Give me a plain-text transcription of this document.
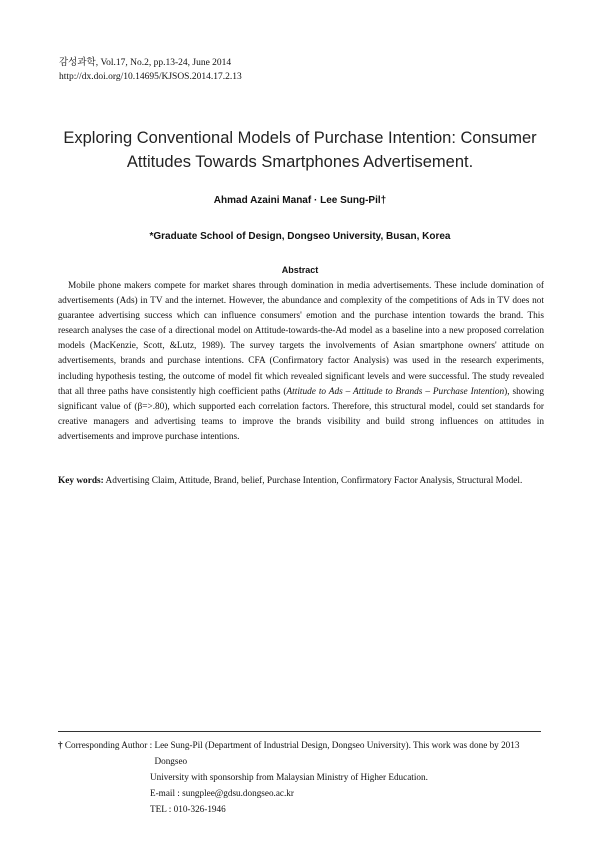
감성과학, Vol.17, No.2, pp.13-24, June 2014
http://dx.doi.org/10.14695/KJSOS.2014.17.2.13
Exploring Conventional Models of Purchase Intention: Consumer
Attitudes Towards Smartphones Advertisement.
Ahmad Azaini Manaf · Lee Sung-Pil†
*Graduate School of Design, Dongseo University, Busan, Korea
Abstract
Mobile phone makers compete for market shares through domination in media advertisements. These include domination of advertisements (Ads) in TV and the internet. However, the abundance and complexity of the competitions of Ads in TV does not guarantee advertising success which can influence consumers' emotion and the purchase intention towards the brand. This research analyses the case of a directional model on Attitude-towards-the-Ad model as a baseline into a new proposed correlation models (MacKenzie, Scott, &Lutz, 1989). The survey targets the involvements of Asian smartphone owners' attitude on advertisements, brands and purchase intentions. CFA (Confirmatory factor Analysis) was used in the research experiments, including hypothesis testing, the outcome of model fit which revealed significant levels and were successful. The study revealed that all three paths have consistently high coefficient paths (Attitude to Ads – Attitude to Brands – Purchase Intention), showing significant value of (β=>.80), which supported each correlation factors. Therefore, this structural model, could set standards for creative managers and advertising teams to improve the brands visibility and build strong influences on attitudes in advertisements and improve purchase intentions.
Key words: Advertising Claim, Attitude, Brand, belief, Purchase Intention, Confirmatory Factor Analysis, Structural Model.
† Corresponding Author : Lee Sung-Pil (Department of Industrial Design, Dongseo University). This work was done by 2013 Dongseo
University with sponsorship from Malaysian Ministry of Higher Education.
E-mail : sungplee@gdsu.dongseo.ac.kr
TEL : 010-326-1946
